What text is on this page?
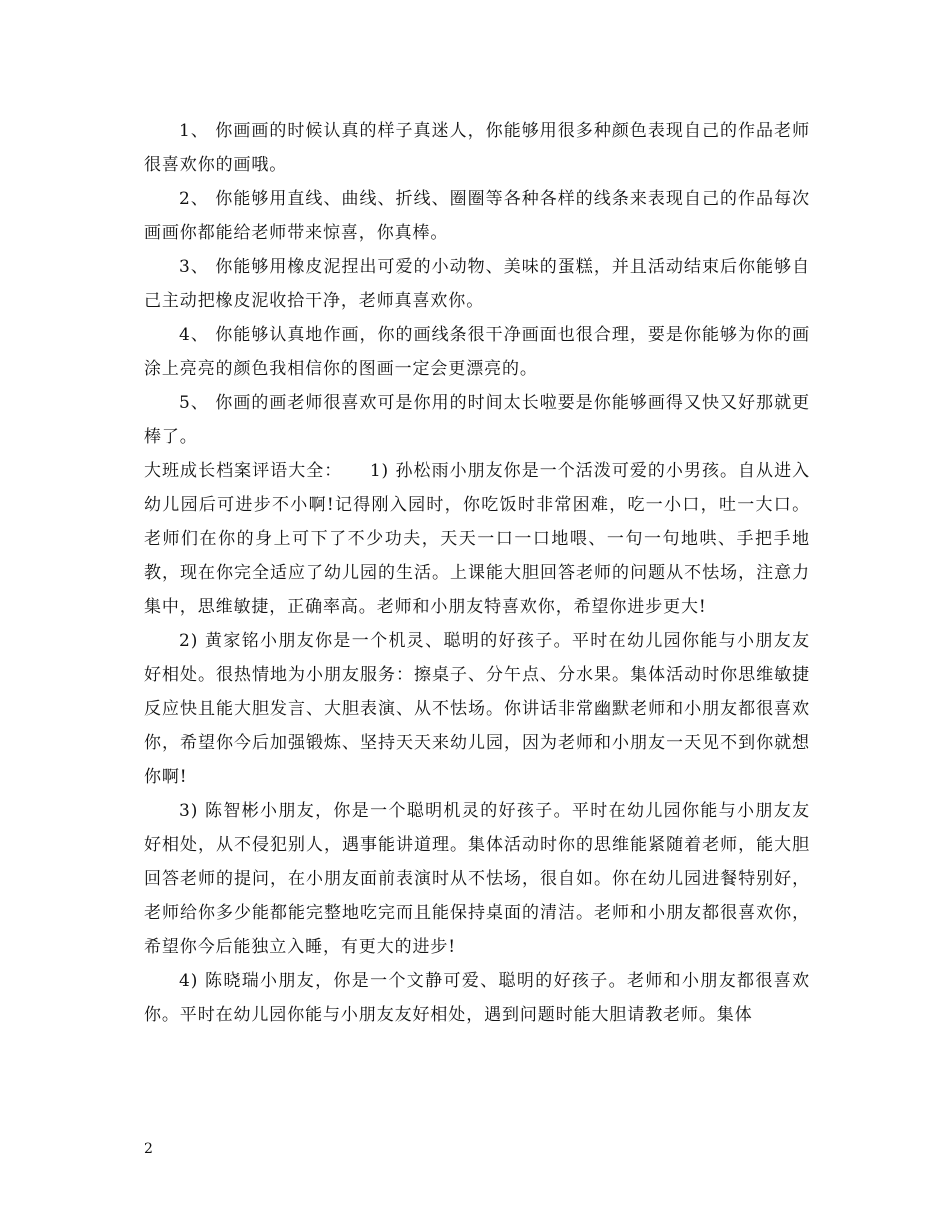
1、 你画画的时候认真的样子真迷人，你能够用很多种颜色表现自己的作品老师很喜欢你的画哦。

2、 你能够用直线、曲线、折线、圈圈等各种各样的线条来表现自己的作品每次画画你都能给老师带来惊喜，你真棒。

3、 你能够用橡皮泥捏出可爱的小动物、美味的蛋糕，并且活动结束后你能够自己主动把橡皮泥收拾干净，老师真喜欢你。

4、 你能够认真地作画，你的画线条很干净画面也很合理，要是你能够为你的画涂上亮亮的颜色我相信你的图画一定会更漂亮的。

5、 你画的画老师很喜欢可是你用的时间太长啦要是你能够画得又快又好那就更棒了。

大班成长档案评语大全：　　1) 孙松雨小朋友你是一个活泼可爱的小男孩。自从进入幼儿园后可进步不小啊!记得刚入园时，你吃饭时非常困难，吃一小口，吐一大口。老师们在你的身上可下了不少功夫，天天一口一口地喂、一句一句地哄、手把手地教，现在你完全适应了幼儿园的生活。上课能大胆回答老师的问题从不怯场，注意力集中，思维敏捷，正确率高。老师和小朋友特喜欢你，希望你进步更大!

2) 黄家铭小朋友你是一个机灵、聪明的好孩子。平时在幼儿园你能与小朋友友好相处。很热情地为小朋友服务：擦桌子、分午点、分水果。集体活动时你思维敏捷反应快且能大胆发言、大胆表演、从不怯场。你讲话非常幽默老师和小朋友都很喜欢你，希望你今后加强锻炼、坚持天天来幼儿园，因为老师和小朋友一天见不到你就想你啊!

3) 陈智彬小朋友，你是一个聪明机灵的好孩子。平时在幼儿园你能与小朋友友好相处，从不侵犯别人，遇事能讲道理。集体活动时你的思维能紧随着老师，能大胆回答老师的提问，在小朋友面前表演时从不怯场，很自如。你在幼儿园进餐特别好，老师给你多少能都能完整地吃完而且能保持桌面的清洁。老师和小朋友都很喜欢你，希望你今后能独立入睡，有更大的进步!

4) 陈晓瑞小朋友，你是一个文静可爱、聪明的好孩子。老师和小朋友都很喜欢你。平时在幼儿园你能与小朋友友好相处，遇到问题时能大胆请教老师。集体

2
